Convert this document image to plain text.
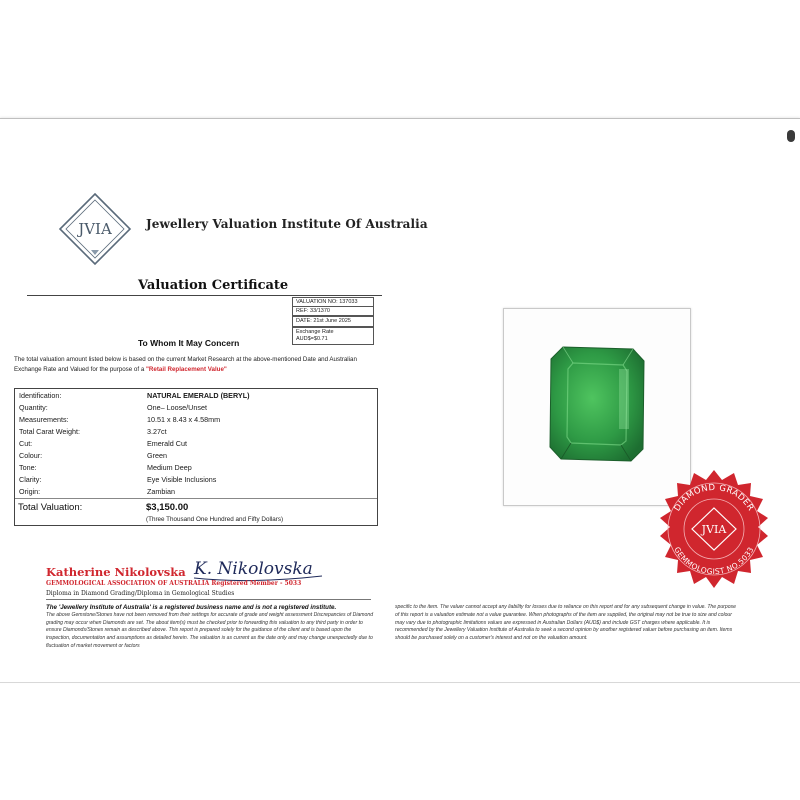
JVIA	Jewellery Valuation Institute Of Australia
Valuation Certificate
VALUATION NO: 137033
REF: 33/1370
DATE: 21st June 2025
Exchange Rate
AUD$=$0.71
To Whom It May Concern
The total valuation amount listed below is based on the current Market Research at the above-mentioned Date and Australian Exchange Rate and Valued for the purpose of a "Retail Replacement Value"
Identification:	NATURAL EMERALD (BERYL)
Quantity:	One– Loose/Unset
Measurements:	10.51 x 8.43 x 4.58mm
Total Carat Weight:	3.27ct
Cut:	Emerald Cut
Colour:	Green
Tone:	Medium Deep
Clarity:	Eye Visible Inclusions
Origin:	Zambian
Total Valuation:	$3,150.00
(Three Thousand One Hundred and Fifty Dollars)
Katherine Nikolovska K. Nikolovska
GEMMOLOGICAL ASSOCIATION OF AUSTRALIA Registered Member - 5033
Diploma in Diamond Grading/Diploma in Gemological Studies
DIAMOND GRADER
JVIA
GEMMOLOGIST NO.5033
The 'Jewellery Institute of Australia' is a registered business name and is not a registered institute.
The above Gemstone/Stones have not been removed from their settings for accurate of grade and weight assessment Discrepancies of Diamond grading may occur when Diamonds are set. The about item(s) must be checked prior to forwarding this valuation to any third party in order to ensure Diamonds/Stones remain as described above. This report is prepared solely for the guidance of the client and is based upon the inspection, documentation and assumptions as detailed herein. The valuation is as current as the date only and may change unexpectedly due to fluctuation of market movement or factors
specific to the item. The valuer cannot accept any liability for losses due to reliance on this report and for any subsequent change in value. The purpose of this report is a valuation estimate not a value guarantee. When photographs of the item are supplied, the original may not be true to size and colour may vary due to photographic limitations values are expressed in Australian Dollars (AUD$) and include GST charges where applicable. It is recommended by the Jewellery Valuation Institute of Australia to seek a second opinion by another registered valuer before purchasing an item. Items should be purchased solely on a customer's interest and not on the valuation amount.
